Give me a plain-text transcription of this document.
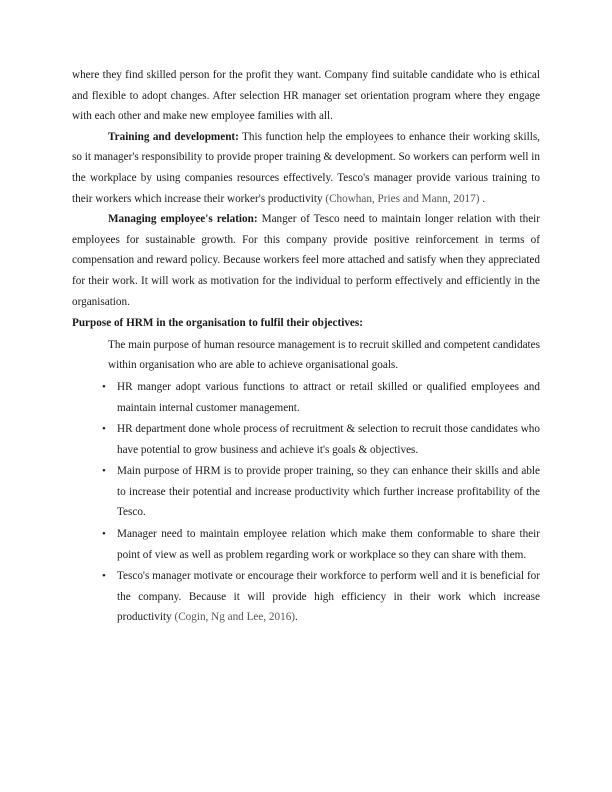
where they find skilled person for the profit they want. Company find suitable candidate who is ethical and flexible to adopt changes. After selection HR manager set orientation program where they engage with each other and make new employee families with all.

Training and development: This function help the employees to enhance their working skills, so it manager's responsibility to provide proper training & development. So workers can perform well in the workplace by using companies resources effectively. Tesco's manager provide various training to their workers which increase their worker's productivity (Chowhan, Pries and Mann, 2017) .

Managing employee's relation: Manger of Tesco need to maintain longer relation with their employees for sustainable growth. For this company provide positive reinforcement in terms of compensation and reward policy. Because workers feel more attached and satisfy when they appreciated for their work. It will work as motivation for the individual to perform effectively and efficiently in the organisation.

Purpose of HRM in the organisation to fulfil their objectives:

The main purpose of human resource management is to recruit skilled and competent candidates within organisation who are able to achieve organisational goals.

• HR manger adopt various functions to attract or retail skilled or qualified employees and maintain internal customer management.
• HR department done whole process of recruitment & selection to recruit those candidates who have potential to grow business and achieve it's goals & objectives.
• Main purpose of HRM is to provide proper training, so they can enhance their skills and able to increase their potential and increase productivity which further increase profitability of the Tesco.
• Manager need to maintain employee relation which make them conformable to share their point of view as well as problem regarding work or workplace so they can share with them.
• Tesco's manager motivate or encourage their workforce to perform well and it is beneficial for the company. Because it will provide high efficiency in their work which increase productivity (Cogin, Ng and Lee, 2016).
